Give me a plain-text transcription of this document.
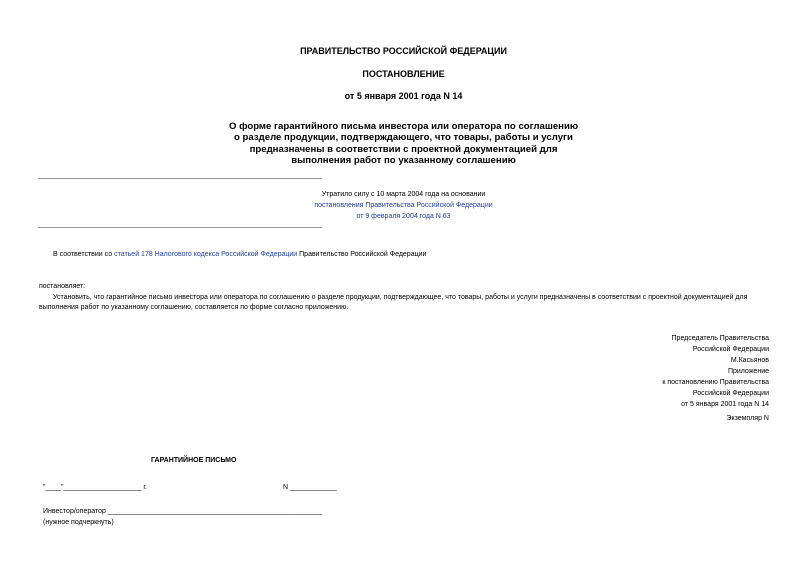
ПРАВИТЕЛЬСТВО РОССИЙСКОЙ ФЕДЕРАЦИИ
ПОСТАНОВЛЕНИЕ
от 5 января 2001 года N 14
О форме гарантийного письма инвестора или оператора по соглашению
о разделе продукции, подтверждающего, что товары, работы и услуги
предназначены в соответствии с проектной документацией для
выполнения работ по указанному соглашению
Утратило силу с 10 марта 2004 года на основании
постановления Правительства Российской Федерации
от 9 февраля 2004 года N 63
В соответствии со статьей 178 Налогового кодекса Российской Федерации Правительство Российской Федерации
постановляет:
Установить, что гарантийное письмо инвестора или оператора по соглашению о разделе продукции, подтверждающее, что товары, работы и услуги предназначены в соответствии с проектной документацией для
выполнения работ по указанному соглашению, составляется по форме согласно приложению.
Председатель Правительства
Российской Федерации
М.Касьянов
Приложение
к постановлению Правительства
Российской Федерации
от 5 января 2001 года N 14
Экземпляр N
ГАРАНТИЙНОЕ ПИСЬМО
"____"____________________ г.	N ____________
Инвестор/оператор _______________________________________________________
(нужное подчеркнуть)
